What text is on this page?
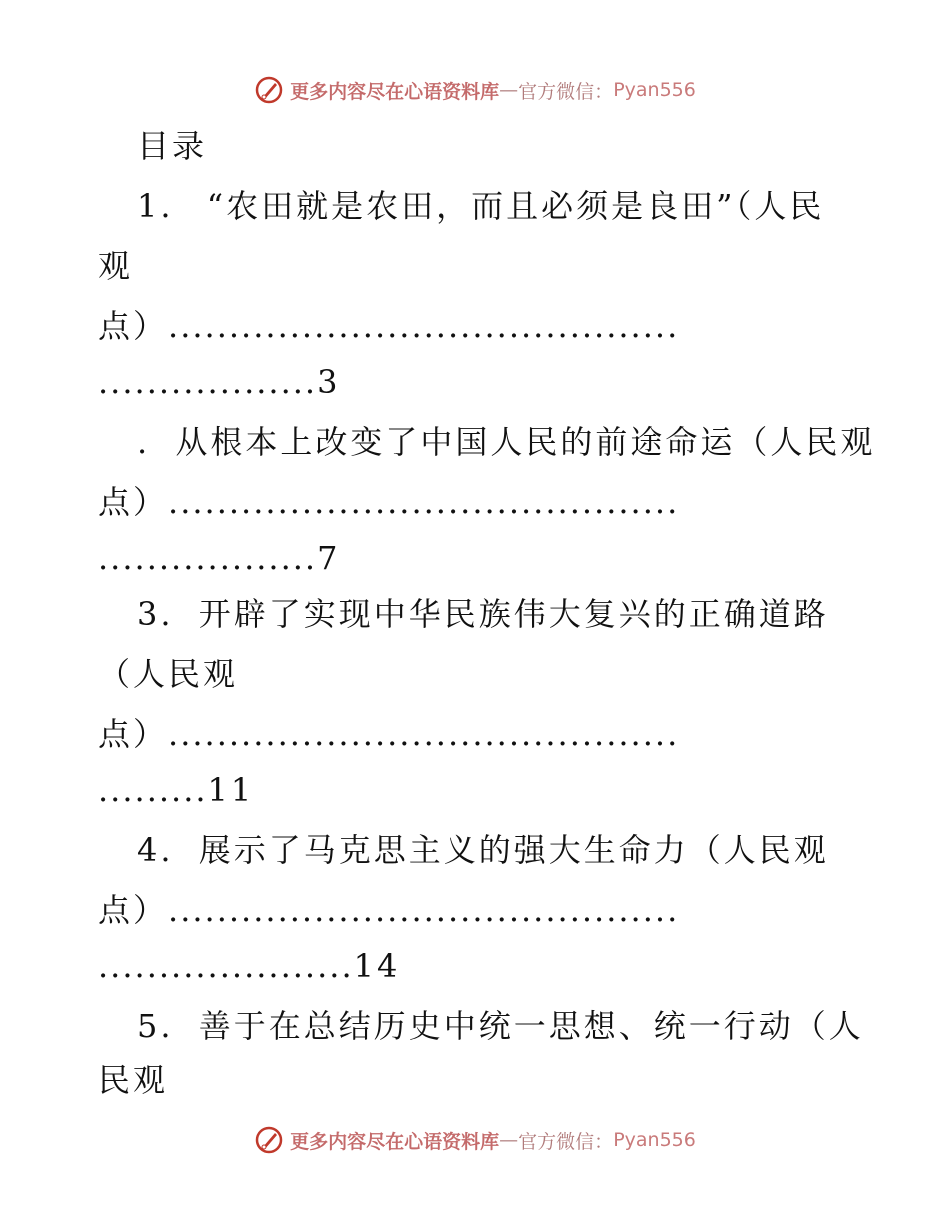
更多内容尽在心语资料库 — 官方微信： Pyan556
目录
1. “农田就是农田，而且必须是良田”（人民
观
点）..........................................
..................3
. 从根本上改变了中国人民的前途命运（人民观
点）..........................................
..................7
3. 开辟了实现中华民族伟大复兴的正确道路
（人民观
点）..........................................
.........11
4. 展示了马克思主义的强大生命力（人民观
点）..........................................
.....................14
5. 善于在总结历史中统一思想、统一行动（人
民观
更多内容尽在心语资料库 — 官方微信： Pyan556
